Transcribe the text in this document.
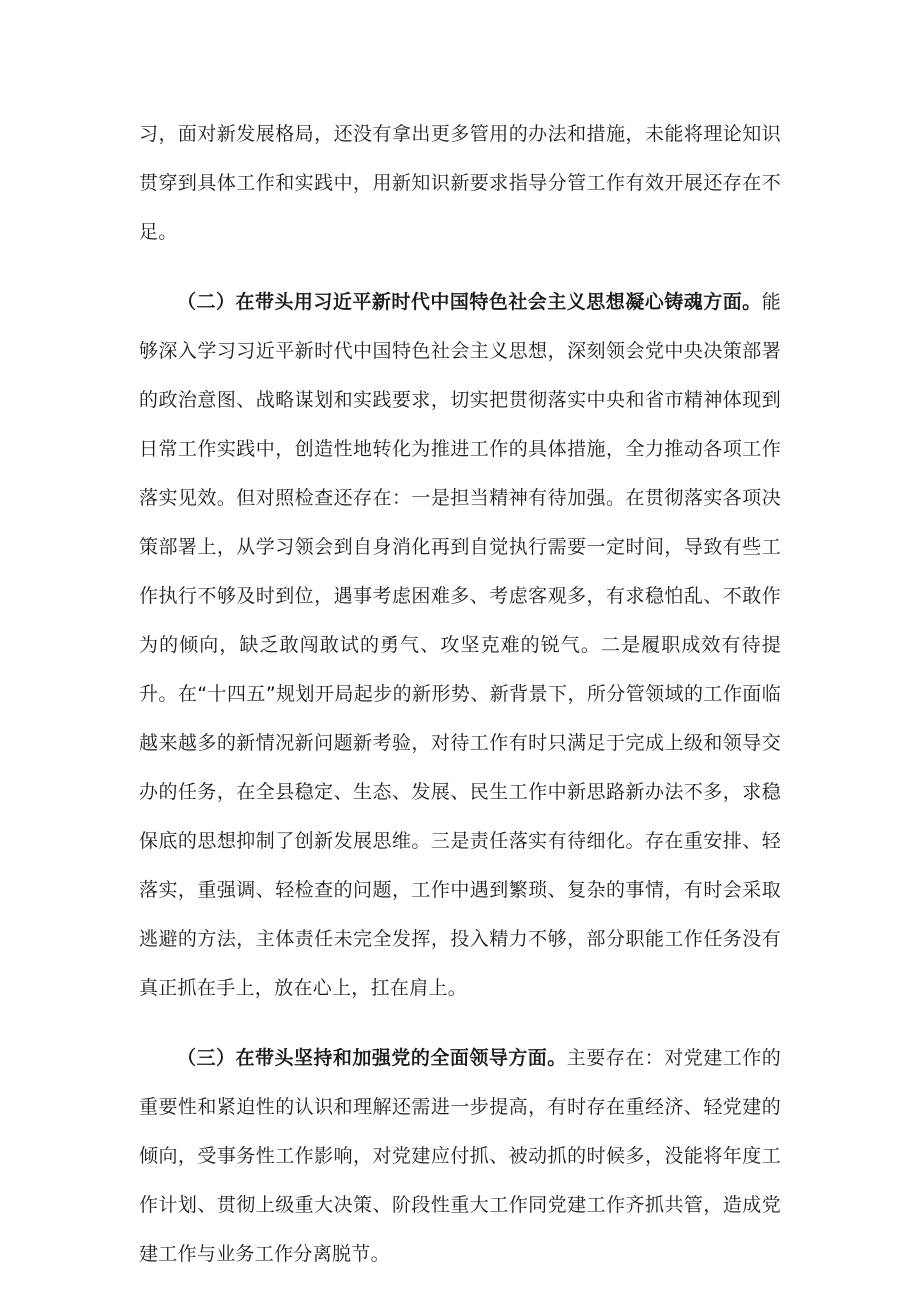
习，面对新发展格局，还没有拿出更多管用的办法和措施，未能将理论知识贯穿到具体工作和实践中，用新知识新要求指导分管工作有效开展还存在不足。

（二）在带头用习近平新时代中国特色社会主义思想凝心铸魂方面。能够深入学习习近平新时代中国特色社会主义思想，深刻领会党中央决策部署的政治意图、战略谋划和实践要求，切实把贯彻落实中央和省市精神体现到日常工作实践中，创造性地转化为推进工作的具体措施，全力推动各项工作落实见效。但对照检查还存在：一是担当精神有待加强。在贯彻落实各项决策部署上，从学习领会到自身消化再到自觉执行需要一定时间，导致有些工作执行不够及时到位，遇事考虑困难多、考虑客观多，有求稳怕乱、不敢作为的倾向，缺乏敢闯敢试的勇气、攻坚克难的锐气。二是履职成效有待提升。在“十四五”规划开局起步的新形势、新背景下，所分管领域的工作面临越来越多的新情况新问题新考验，对待工作有时只满足于完成上级和领导交办的任务，在全县稳定、生态、发展、民生工作中新思路新办法不多，求稳保底的思想抑制了创新发展思维。三是责任落实有待细化。存在重安排、轻落实，重强调、轻检查的问题，工作中遇到繁琐、复杂的事情，有时会采取逃避的方法，主体责任未完全发挥，投入精力不够，部分职能工作任务没有真正抓在手上，放在心上，扛在肩上。

（三）在带头坚持和加强党的全面领导方面。主要存在：对党建工作的重要性和紧迫性的认识和理解还需进一步提高，有时存在重经济、轻党建的倾向，受事务性工作影响，对党建应付抓、被动抓的时候多，没能将年度工作计划、贯彻上级重大决策、阶段性重大工作同党建工作齐抓共管，造成党建工作与业务工作分离脱节。
